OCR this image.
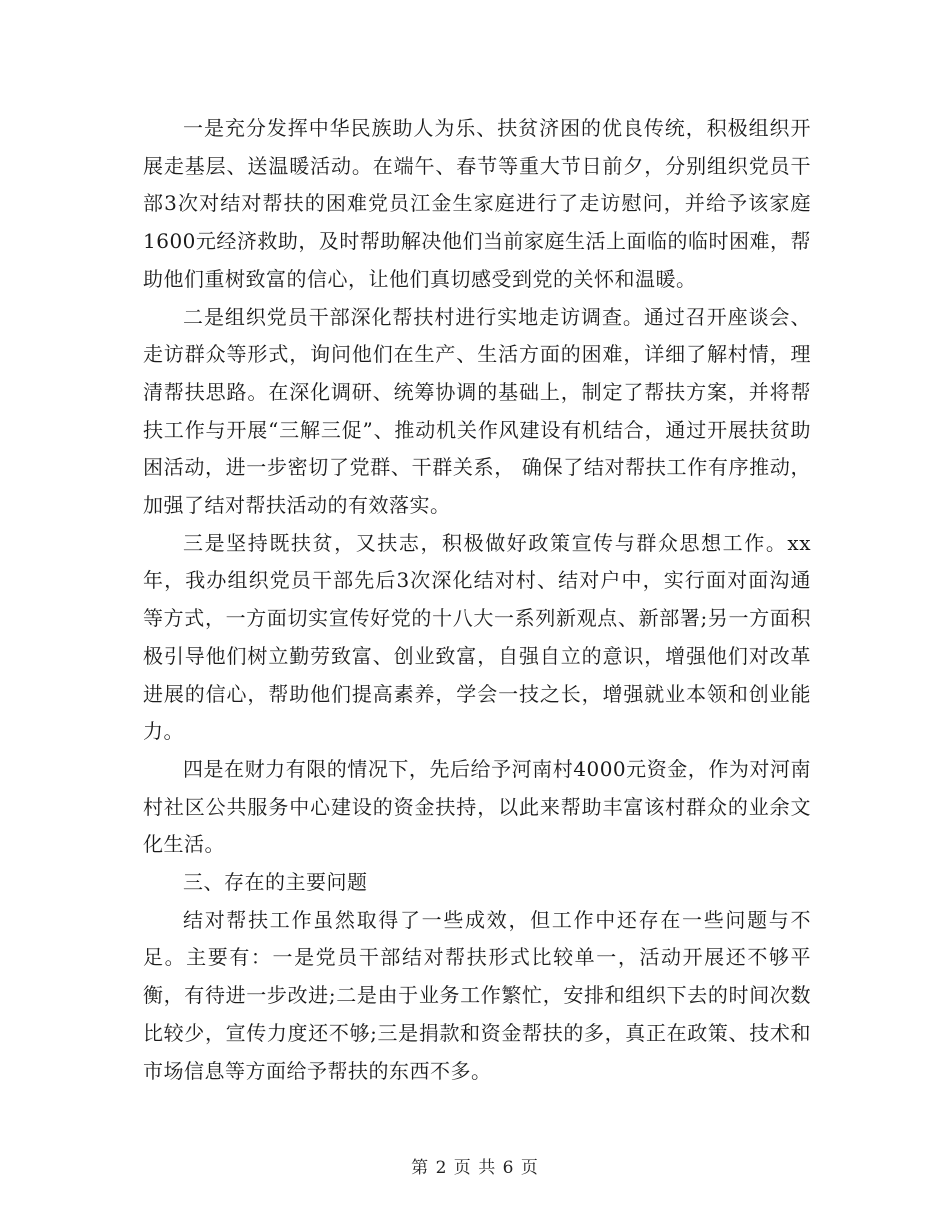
一是充分发挥中华民族助人为乐、扶贫济困的优良传统，积极组织开展走基层、送温暖活动。在端午、春节等重大节日前夕，分别组织党员干部3次对结对帮扶的困难党员江金生家庭进行了走访慰问，并给予该家庭1600元经济救助，及时帮助解决他们当前家庭生活上面临的临时困难，帮助他们重树致富的信心，让他们真切感受到党的关怀和温暖。

二是组织党员干部深化帮扶村进行实地走访调查。通过召开座谈会、走访群众等形式，询问他们在生产、生活方面的困难，详细了解村情，理清帮扶思路。在深化调研、统筹协调的基础上，制定了帮扶方案，并将帮扶工作与开展“三解三促”、推动机关作风建设有机结合，通过开展扶贫助困活动，进一步密切了党群、干群关系， 确保了结对帮扶工作有序推动，加强了结对帮扶活动的有效落实。

三是坚持既扶贫，又扶志，积极做好政策宣传与群众思想工作。xx年，我办组织党员干部先后3次深化结对村、结对户中，实行面对面沟通等方式，一方面切实宣传好党的十八大一系列新观点、新部署;另一方面积极引导他们树立勤劳致富、创业致富，自强自立的意识，增强他们对改革进展的信心，帮助他们提高素养，学会一技之长，增强就业本领和创业能力。

四是在财力有限的情况下，先后给予河南村4000元资金，作为对河南村社区公共服务中心建设的资金扶持，以此来帮助丰富该村群众的业余文化生活。

三、存在的主要问题

结对帮扶工作虽然取得了一些成效，但工作中还存在一些问题与不足。主要有：一是党员干部结对帮扶形式比较单一，活动开展还不够平衡，有待进一步改进;二是由于业务工作繁忙，安排和组织下去的时间次数比较少，宣传力度还不够;三是捐款和资金帮扶的多，真正在政策、技术和市场信息等方面给予帮扶的东西不多。

第 2 页 共 6 页
